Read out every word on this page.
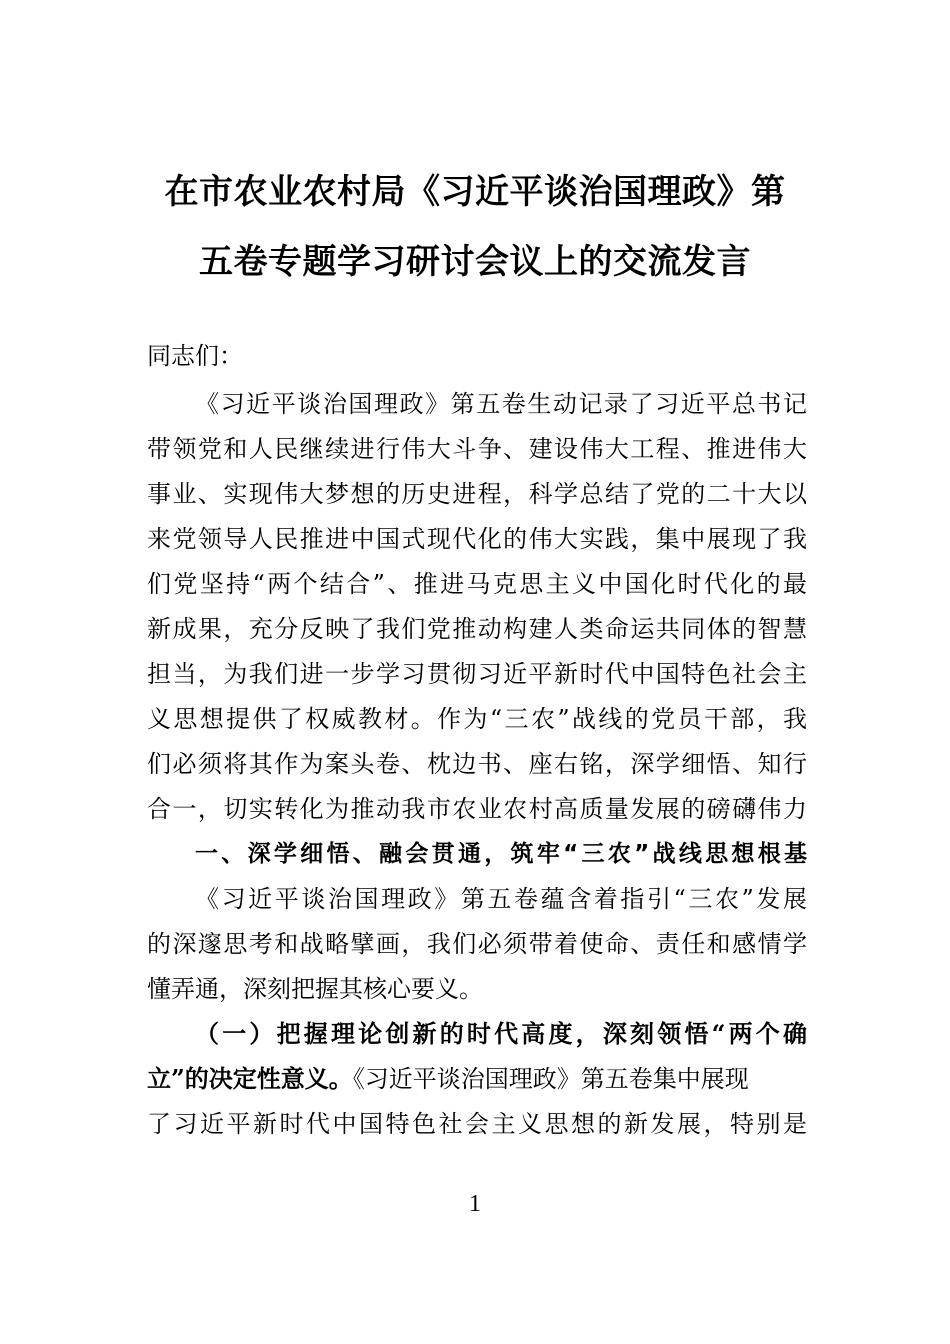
在市农业农村局《习近平谈治国理政》第
五卷专题学习研讨会议上的交流发言
同志们：
《习近平谈治国理政》第五卷生动记录了习近平总书记
带领党和人民继续进行伟大斗争、建设伟大工程、推进伟大
事业、实现伟大梦想的历史进程，科学总结了党的二十大以
来党领导人民推进中国式现代化的伟大实践，集中展现了我
们党坚持“两个结合”、推进马克思主义中国化时代化的最
新成果，充分反映了我们党推动构建人类命运共同体的智慧
担当，为我们进一步学习贯彻习近平新时代中国特色社会主
义思想提供了权威教材。作为“三农”战线的党员干部，我
们必须将其作为案头卷、枕边书、座右铭，深学细悟、知行
合一，切实转化为推动我市农业农村高质量发展的磅礴伟力
一、深学细悟、融会贯通，筑牢“三农”战线思想根基
《习近平谈治国理政》第五卷蕴含着指引“三农”发展
的深邃思考和战略擘画，我们必须带着使命、责任和感情学
懂弄通，深刻把握其核心要义。
（一）把握理论创新的时代高度，深刻领悟“两个确
立”的决定性意义。《习近平谈治国理政》第五卷集中展现
了习近平新时代中国特色社会主义思想的新发展，特别是
1
